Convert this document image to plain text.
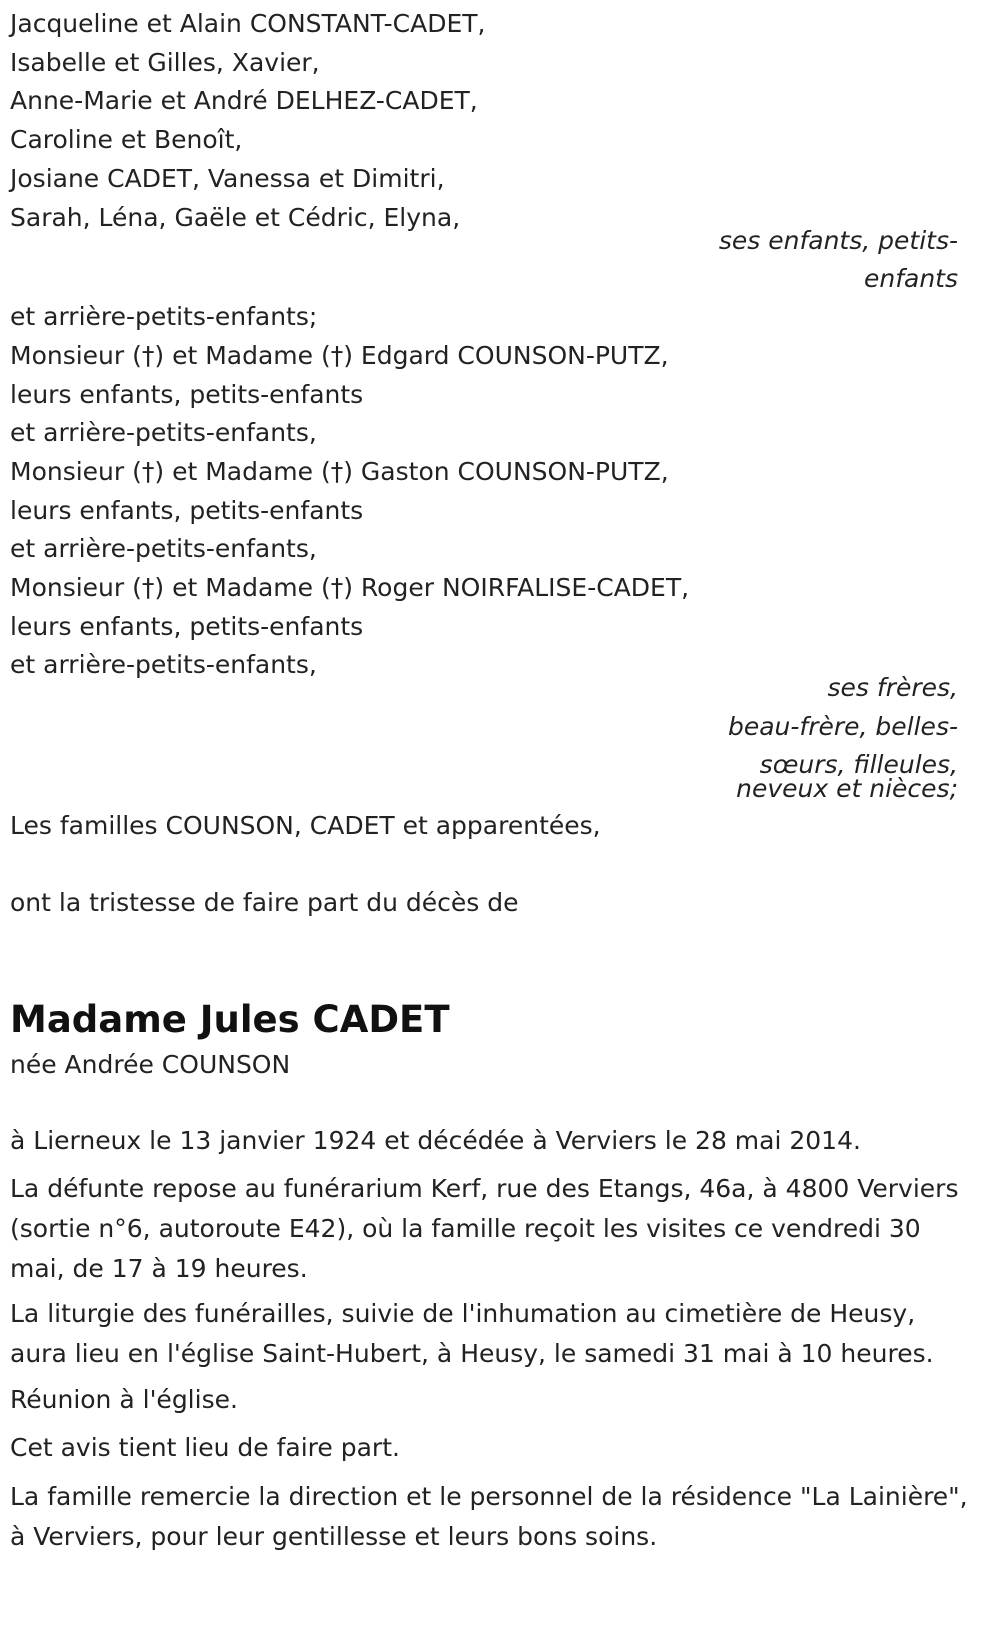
Jacqueline et Alain CONSTANT-CADET,
Isabelle et Gilles, Xavier,
Anne-Marie et André DELHEZ-CADET,
Caroline et Benoît,
Josiane CADET, Vanessa et Dimitri,
Sarah, Léna, Gaële et Cédric, Elyna,
ses enfants, petits-
enfants
et arrière-petits-enfants;
Monsieur (†) et Madame (†) Edgard COUNSON-PUTZ,
leurs enfants, petits-enfants
et arrière-petits-enfants,
Monsieur (†) et Madame (†) Gaston COUNSON-PUTZ,
leurs enfants, petits-enfants
et arrière-petits-enfants,
Monsieur (†) et Madame (†) Roger NOIRFALISE-CADET,
leurs enfants, petits-enfants
et arrière-petits-enfants,
ses frères,
beau-frère, belles-
sœurs, filleules,
neveux et nièces;
Les familles COUNSON, CADET et apparentées,
ont la tristesse de faire part du décès de
Madame Jules CADET
née Andrée COUNSON
à Lierneux le 13 janvier 1924 et décédée à Verviers le 28 mai 2014.
La défunte repose au funérarium Kerf, rue des Etangs, 46a, à 4800 Verviers (sortie n°6, autoroute E42), où la famille reçoit les visites ce vendredi 30 mai, de 17 à 19 heures.
La liturgie des funérailles, suivie de l'inhumation au cimetière de Heusy, aura lieu en l'église Saint-Hubert, à Heusy, le samedi 31 mai à 10 heures.
Réunion à l'église.
Cet avis tient lieu de faire part.
La famille remercie la direction et le personnel de la résidence "La Lainière", à Verviers, pour leur gentillesse et leurs bons soins.
